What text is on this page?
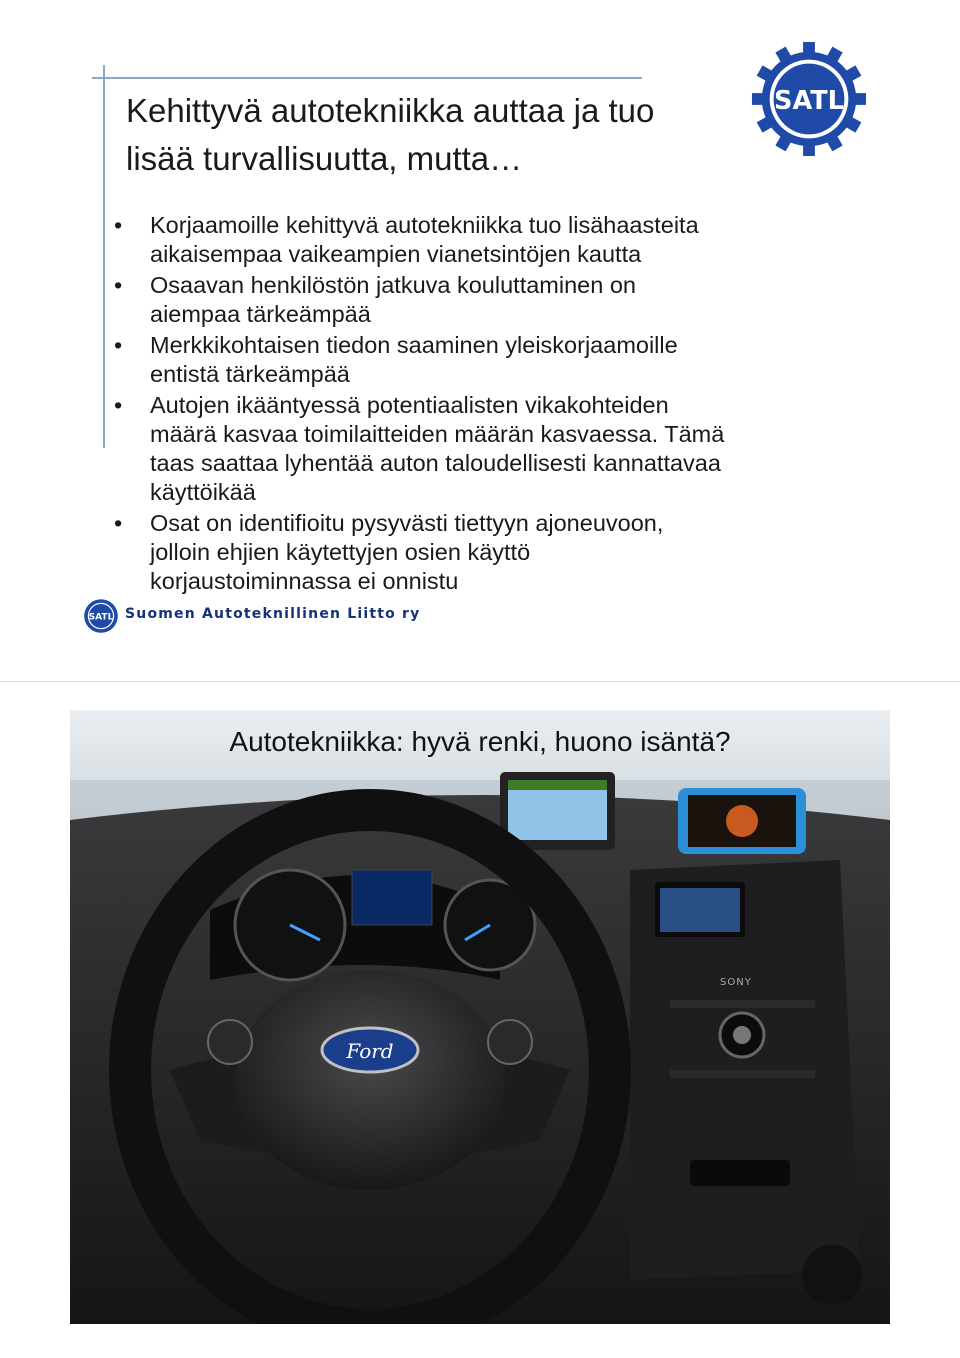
Kehittyvä autotekniikka auttaa ja tuo
lisää turvallisuutta, mutta…
SATL
•	Korjaamoille kehittyvä autotekniikka tuo lisähaasteita
aikaisempaa vaikeampien vianetsintöjen kautta
•	Osaavan henkilöstön jatkuva kouluttaminen on
aiempaa tärkeämpää
•	Merkkikohtaisen tiedon saaminen yleiskorjaamoille
entistä tärkeämpää
•	Autojen ikääntyessä potentiaalisten vikakohteiden
määrä kasvaa toimilaitteiden määrän kasvaessa. Tämä
taas saattaa lyhentää auton taloudellisesti kannattavaa
käyttöikää
•	Osat on identifioitu pysyvästi tiettyyn ajoneuvoon,
jolloin ehjien käytettyjen osien käyttö
korjaustoiminnassa ei onnistu
SATL Suomen Autoteknillinen Liitto ry
SONY
Ford
Autotekniikka: hyvä renki, huono isäntä?
